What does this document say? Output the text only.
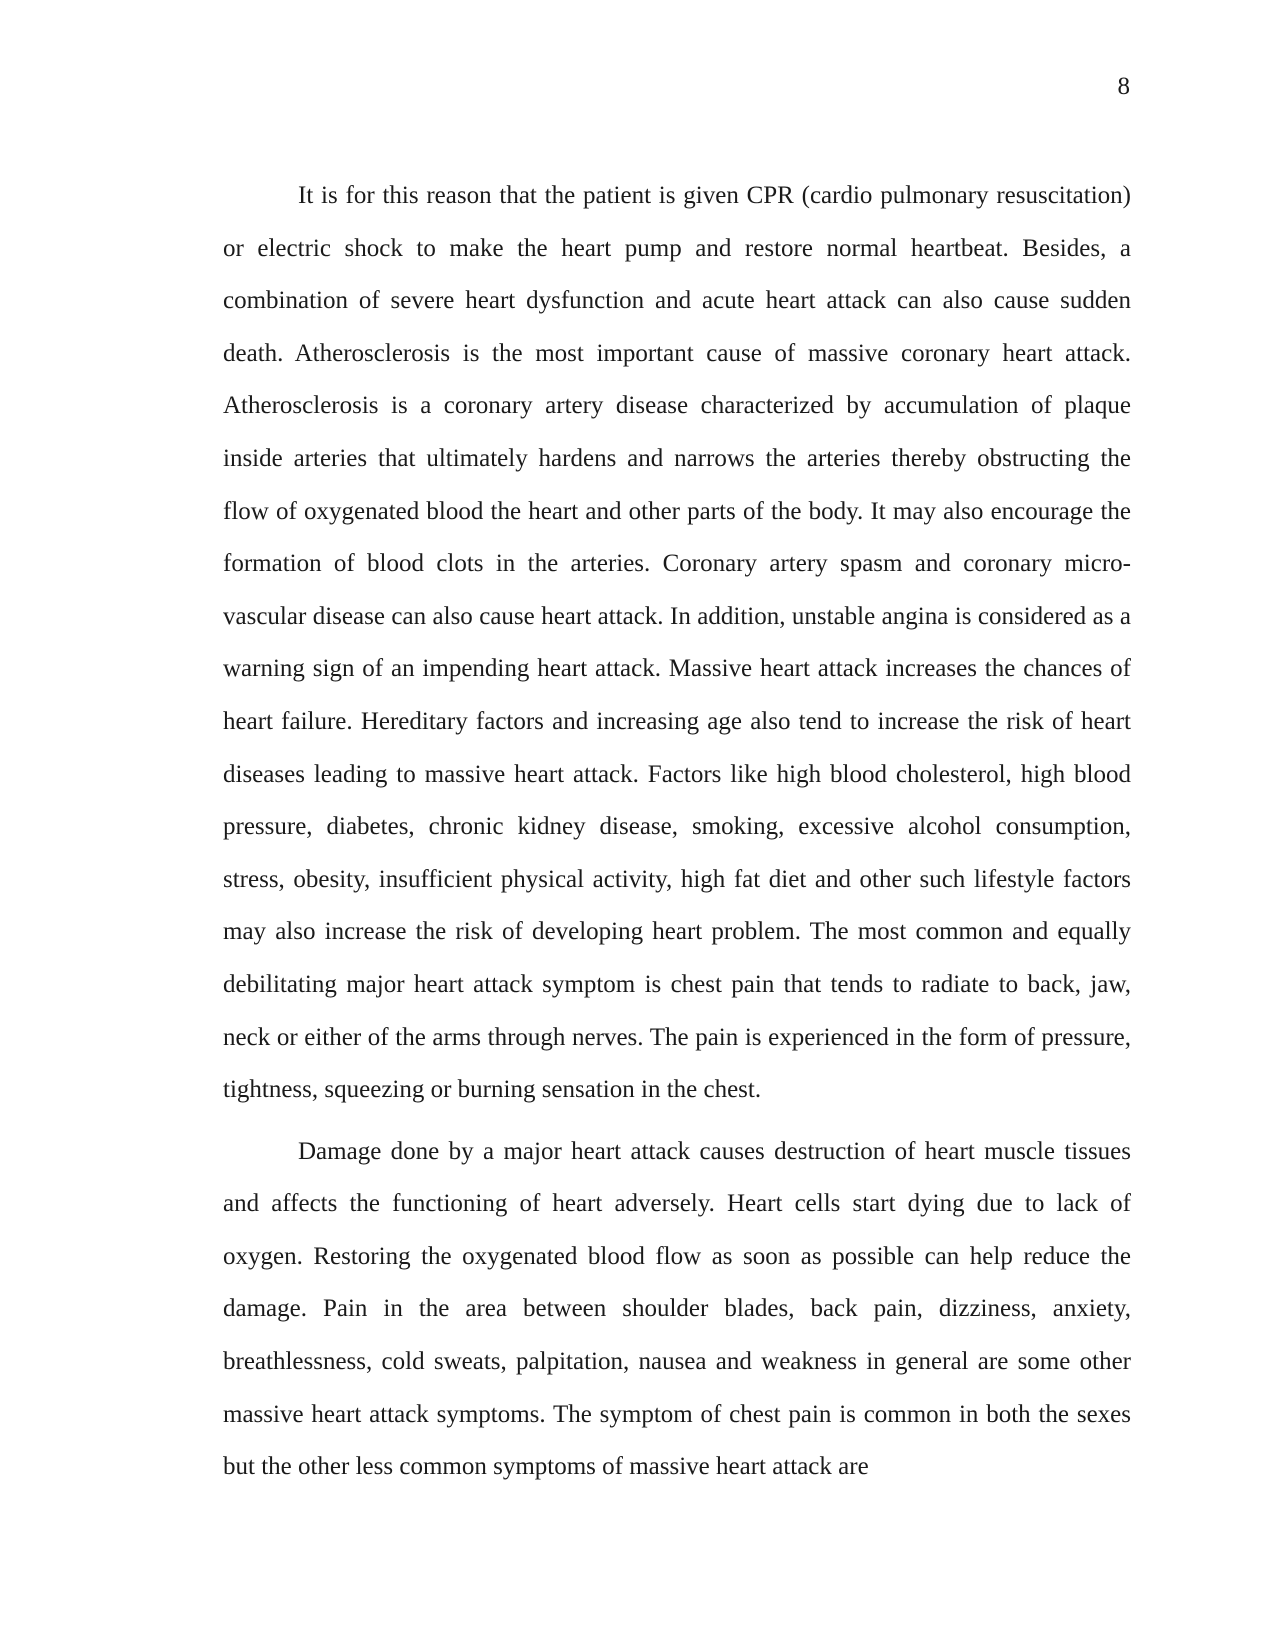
8

It is for this reason that the patient is given CPR (cardio pulmonary resuscitation) or electric shock to make the heart pump and restore normal heartbeat. Besides, a combination of severe heart dysfunction and acute heart attack can also cause sudden death. Atherosclerosis is the most important cause of massive coronary heart attack. Atherosclerosis is a coronary artery disease characterized by accumulation of plaque inside arteries that ultimately hardens and narrows the arteries thereby obstructing the flow of oxygenated blood the heart and other parts of the body. It may also encourage the formation of blood clots in the arteries. Coronary artery spasm and coronary micro-vascular disease can also cause heart attack. In addition, unstable angina is considered as a warning sign of an impending heart attack. Massive heart attack increases the chances of heart failure. Hereditary factors and increasing age also tend to increase the risk of heart diseases leading to massive heart attack. Factors like high blood cholesterol, high blood pressure, diabetes, chronic kidney disease, smoking, excessive alcohol consumption, stress, obesity, insufficient physical activity, high fat diet and other such lifestyle factors may also increase the risk of developing heart problem. The most common and equally debilitating major heart attack symptom is chest pain that tends to radiate to back, jaw, neck or either of the arms through nerves. The pain is experienced in the form of pressure, tightness, squeezing or burning sensation in the chest.

Damage done by a major heart attack causes destruction of heart muscle tissues and affects the functioning of heart adversely. Heart cells start dying due to lack of oxygen. Restoring the oxygenated blood flow as soon as possible can help reduce the damage. Pain in the area between shoulder blades, back pain, dizziness, anxiety, breathlessness, cold sweats, palpitation, nausea and weakness in general are some other massive heart attack symptoms. The symptom of chest pain is common in both the sexes but the other less common symptoms of massive heart attack are
